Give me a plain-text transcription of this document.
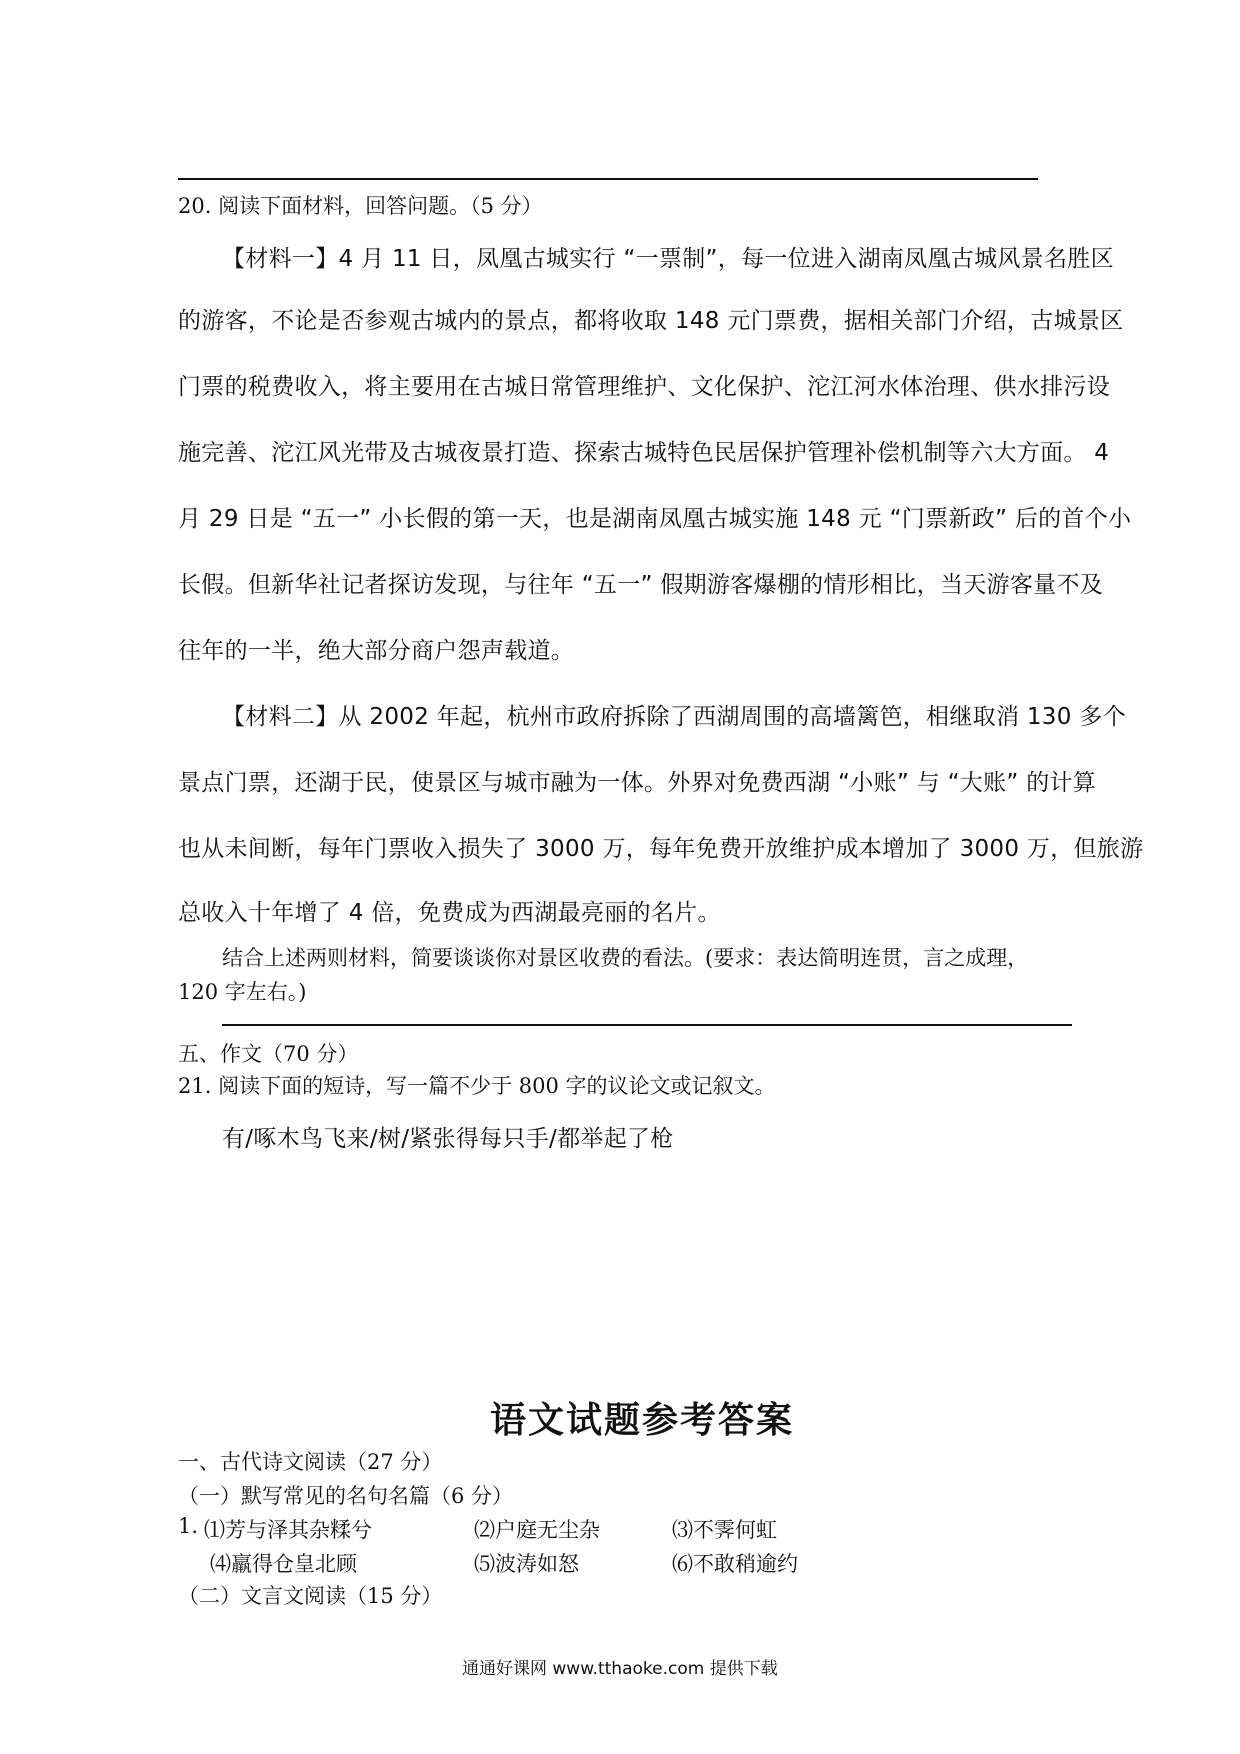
20. 阅读下面材料，回答问题。（5 分）
【材料一】4 月 11 日，凤凰古城实行 “一票制”，每一位进入湖南凤凰古城风景名胜区
的游客，不论是否参观古城内的景点，都将收取 148 元门票费，据相关部门介绍，古城景区
门票的税费收入，将主要用在古城日常管理维护、文化保护、沱江河水体治理、供水排污设
施完善、沱江风光带及古城夜景打造、探索古城特色民居保护管理补偿机制等六大方面。 4
月 29 日是 “五一” 小长假的第一天，也是湖南凤凰古城实施 148 元 “门票新政” 后的首个小
长假。但新华社记者探访发现，与往年 “五一” 假期游客爆棚的情形相比，当天游客量不及
往年的一半，绝大部分商户怨声载道。
【材料二】从 2002 年起，杭州市政府拆除了西湖周围的高墙篱笆，相继取消 130 多个
景点门票，还湖于民，使景区与城市融为一体。外界对免费西湖 “小账” 与 “大账” 的计算
也从未间断，每年门票收入损失了 3000 万，每年免费开放维护成本增加了 3000 万，但旅游
总收入十年增了 4 倍，免费成为西湖最亮丽的名片。
结合上述两则材料，简要谈谈你对景区收费的看法。(要求：表达简明连贯，言之成理，
120 字左右。)
五、作文（70 分）
21. 阅读下面的短诗，写一篇不少于 800 字的议论文或记叙文。
有/啄木鸟飞来/树/紧张得每只手/都举起了枪
语文试题参考答案
一、古代诗文阅读（27 分）
（一）默写常见的名句名篇（6 分）
1. ⑴芳与泽其杂糅兮	⑵户庭无尘杂	⑶不霁何虹
⑷羸得仓皇北顾	⑸波涛如怒	⑹不敢稍逾约
（二）文言文阅读（15 分）
通通好课网 www.tthaoke.com 提供下载
